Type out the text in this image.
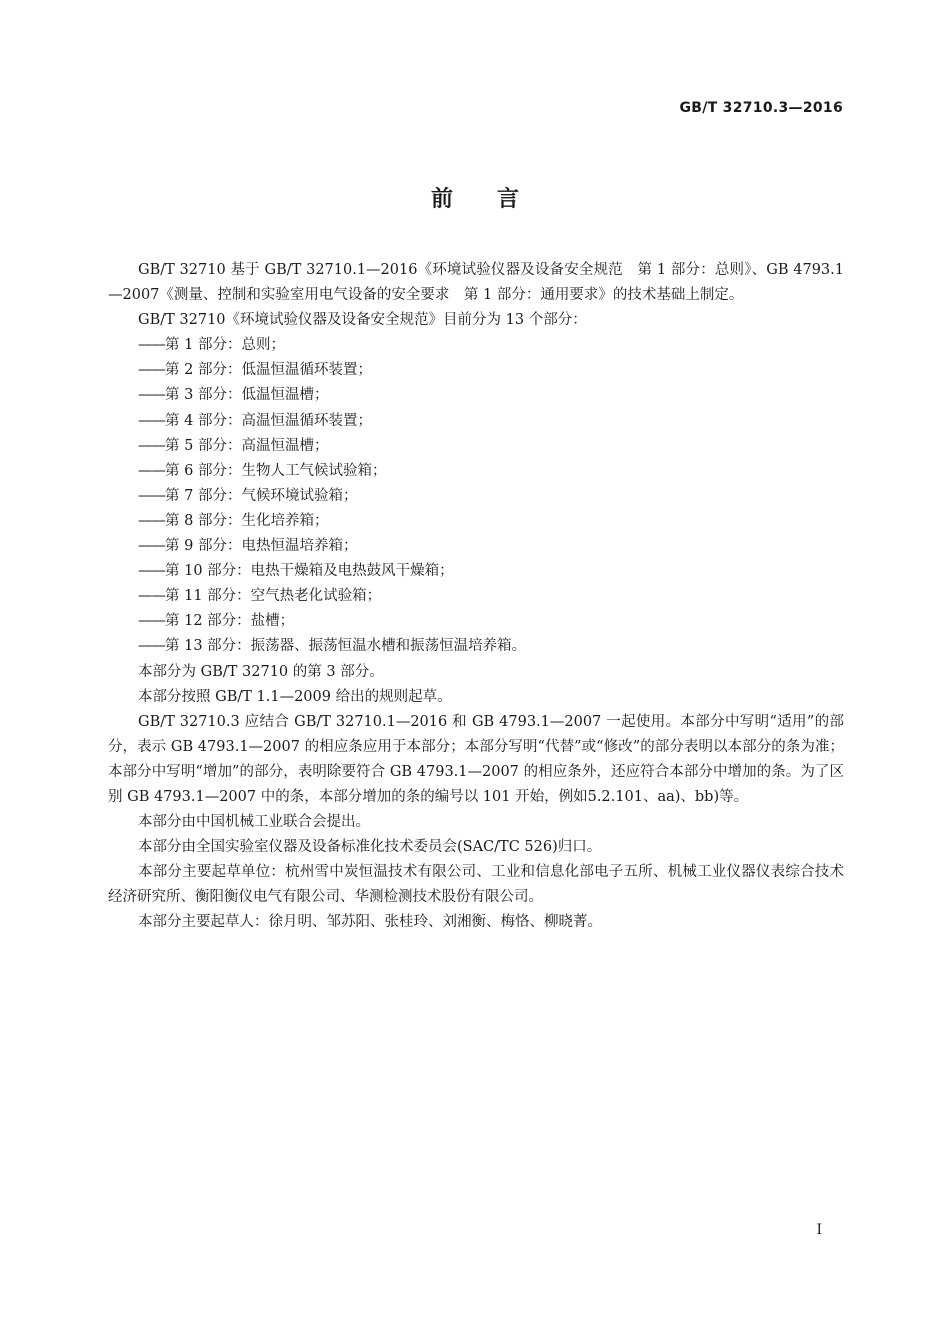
GB/T 32710.3—2016
前言

GB/T 32710 基于 GB/T 32710.1—2016《环境试验仪器及设备安全规范　第 1 部分：总则》、GB 4793.1—2007《测量、控制和实验室用电气设备的安全要求　第 1 部分：通用要求》的技术基础上制定。

GB/T 32710《环境试验仪器及设备安全规范》目前分为 13 个部分：

——第 1 部分：总则；
——第 2 部分：低温恒温循环装置；
——第 3 部分：低温恒温槽；
——第 4 部分：高温恒温循环装置；
——第 5 部分：高温恒温槽；
——第 6 部分：生物人工气候试验箱；
——第 7 部分：气候环境试验箱；
——第 8 部分：生化培养箱；
——第 9 部分：电热恒温培养箱；
——第 10 部分：电热干燥箱及电热鼓风干燥箱；
——第 11 部分：空气热老化试验箱；
——第 12 部分：盐槽；
——第 13 部分：振荡器、振荡恒温水槽和振荡恒温培养箱。

本部分为 GB/T 32710 的第 3 部分。

本部分按照 GB/T 1.1—2009 给出的规则起草。

GB/T 32710.3 应结合 GB/T 32710.1—2016 和 GB 4793.1—2007 一起使用。本部分中写明“适用”的部分，表示 GB 4793.1—2007 的相应条应用于本部分；本部分写明“代替”或“修改”的部分表明以本部分的条为准；本部分中写明“增加”的部分，表明除要符合 GB 4793.1—2007 的相应条外，还应符合本部分中增加的条。为了区别 GB 4793.1—2007 中的条，本部分增加的条的编号以 101 开始，例如5.2.101、aa)、bb)等。

本部分由中国机械工业联合会提出。

本部分由全国实验室仪器及设备标准化技术委员会(SAC/TC 526)归口。

本部分主要起草单位：杭州雪中炭恒温技术有限公司、工业和信息化部电子五所、机械工业仪器仪表综合技术经济研究所、衡阳衡仪电气有限公司、华测检测技术股份有限公司。

本部分主要起草人：徐月明、邹苏阳、张桂玲、刘湘衡、梅恪、柳晓菁。

I
